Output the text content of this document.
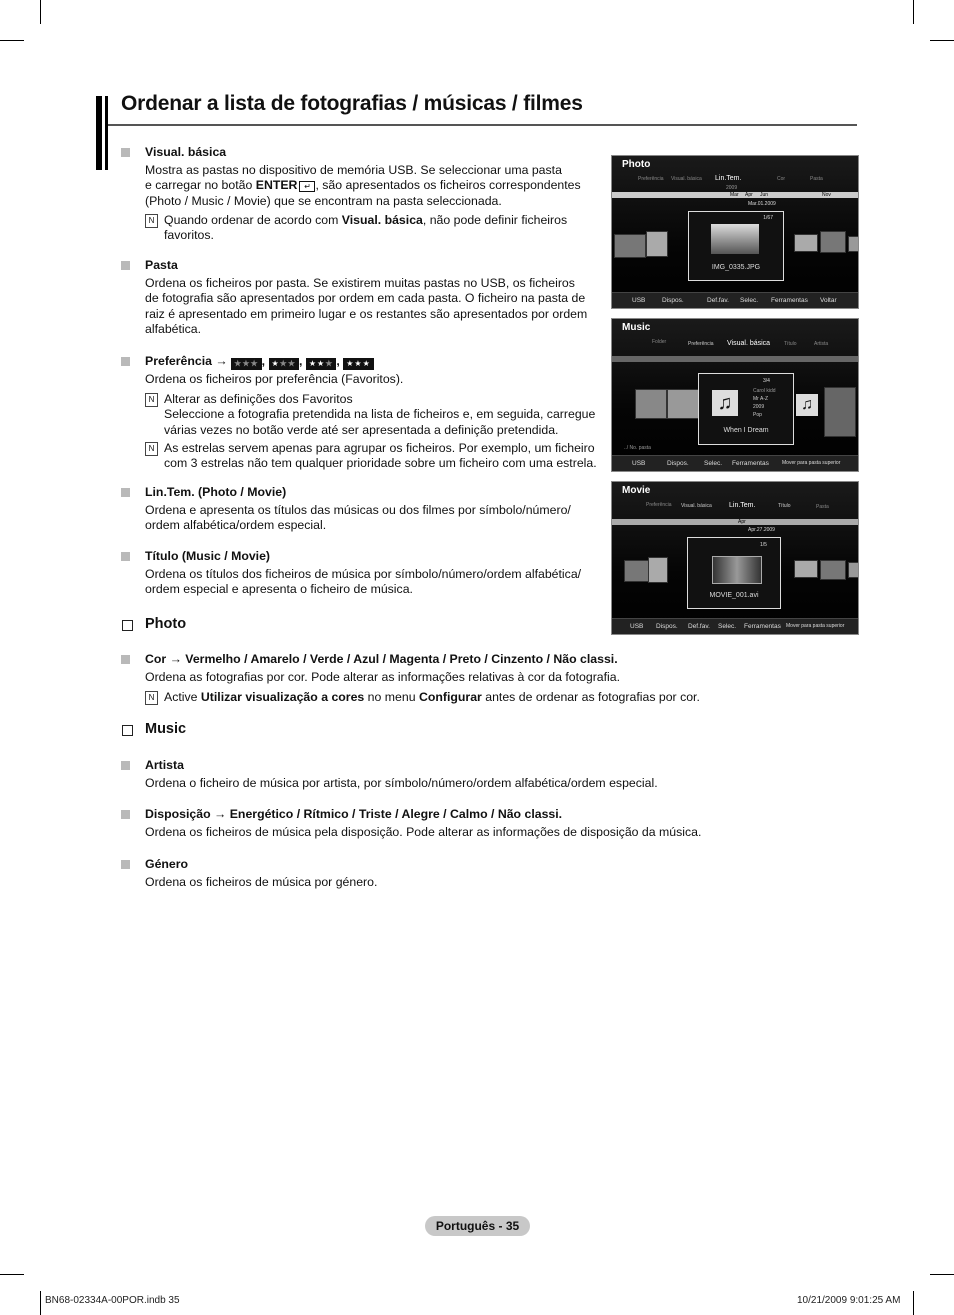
Ordenar a lista de fotografias / músicas / filmes
Visual. básica
Mostra as pastas no dispositivo de memória USB. Se seleccionar uma pasta
e carregar no botão ENTER ↵ , são apresentados os ficheiros correspondentes
(Photo / Music / Movie) que se encontram na pasta seleccionada.
N Quando ordenar de acordo com Visual. básica, não pode definir ficheiros
favoritos.
Pasta
Ordena os ficheiros por pasta. Se existirem muitas pastas no USB, os ficheiros
de fotografia são apresentados por ordem em cada pasta. O ficheiro na pasta de
raiz é apresentado em primeiro lugar e os restantes são apresentados por ordem
alfabética.
Preferência → ★★★ , ★★★ , ★★★ , ★★★
Ordena os ficheiros por preferência (Favoritos).
N Alterar as definições dos Favoritos
Seleccione a fotografia pretendida na lista de ficheiros e, em seguida, carregue
várias vezes no botão verde até ser apresentada a definição pretendida.
N As estrelas servem apenas para agrupar os ficheiros. Por exemplo, um ficheiro
com 3 estrelas não tem qualquer prioridade sobre um ficheiro com uma estrela.
Lin.Tem. (Photo / Movie)
Ordena e apresenta os títulos das músicas ou dos filmes por símbolo/número/
ordem alfabética/ordem especial.
Título (Music / Movie)
Ordena os títulos dos ficheiros de música por símbolo/número/ordem alfabética/
ordem especial e apresenta o ficheiro de música.
Photo
Cor → Vermelho / Amarelo / Verde / Azul / Magenta / Preto / Cinzento / Não classi.
Ordena as fotografias por cor. Pode alterar as informações relativas à cor da fotografia.
N Active Utilizar visualização a cores no menu Configurar antes de ordenar as fotografias por cor.
Music
Artista
Ordena o ficheiro de música por artista, por símbolo/número/ordem alfabética/ordem especial.
Disposição → Energético / Rítmico / Triste / Alegre / Calmo / Não classi.
Ordena os ficheiros de música pela disposição. Pode alterar as informações de disposição da música.
Género
Ordena os ficheiros de música por género.
Photo
Preferência Visual. básica Lin.Tem.	Cor	Pasta
2009
Mar Apr Jun	Nov
Mar.01.2009
1/67
IMG_0335.JPG
USB	Dispos.	Def.fav. Selec. Ferramentas Voltar
Music
Folder	Preferência Visual. básica	Título	Artista
3/4
♫
Carol kidd
Mr A-Z
2009
Pop
When I Dream
♫
../ No. pasta
USB	Dispos. Selec. Ferramentas	Mover para pasta superior
Movie
Preferência Visual. básica Lin.Tem.	Título	Pasta
Apr
Apr.27.2009
1/5
MOVIE_001.avi
USB Dispos. Def.fav. Selec. Ferramentas Mover para pasta superior
Português - 35
BN68-02334A-00POR.indb 35	10/21/2009 9:01:25 AM
